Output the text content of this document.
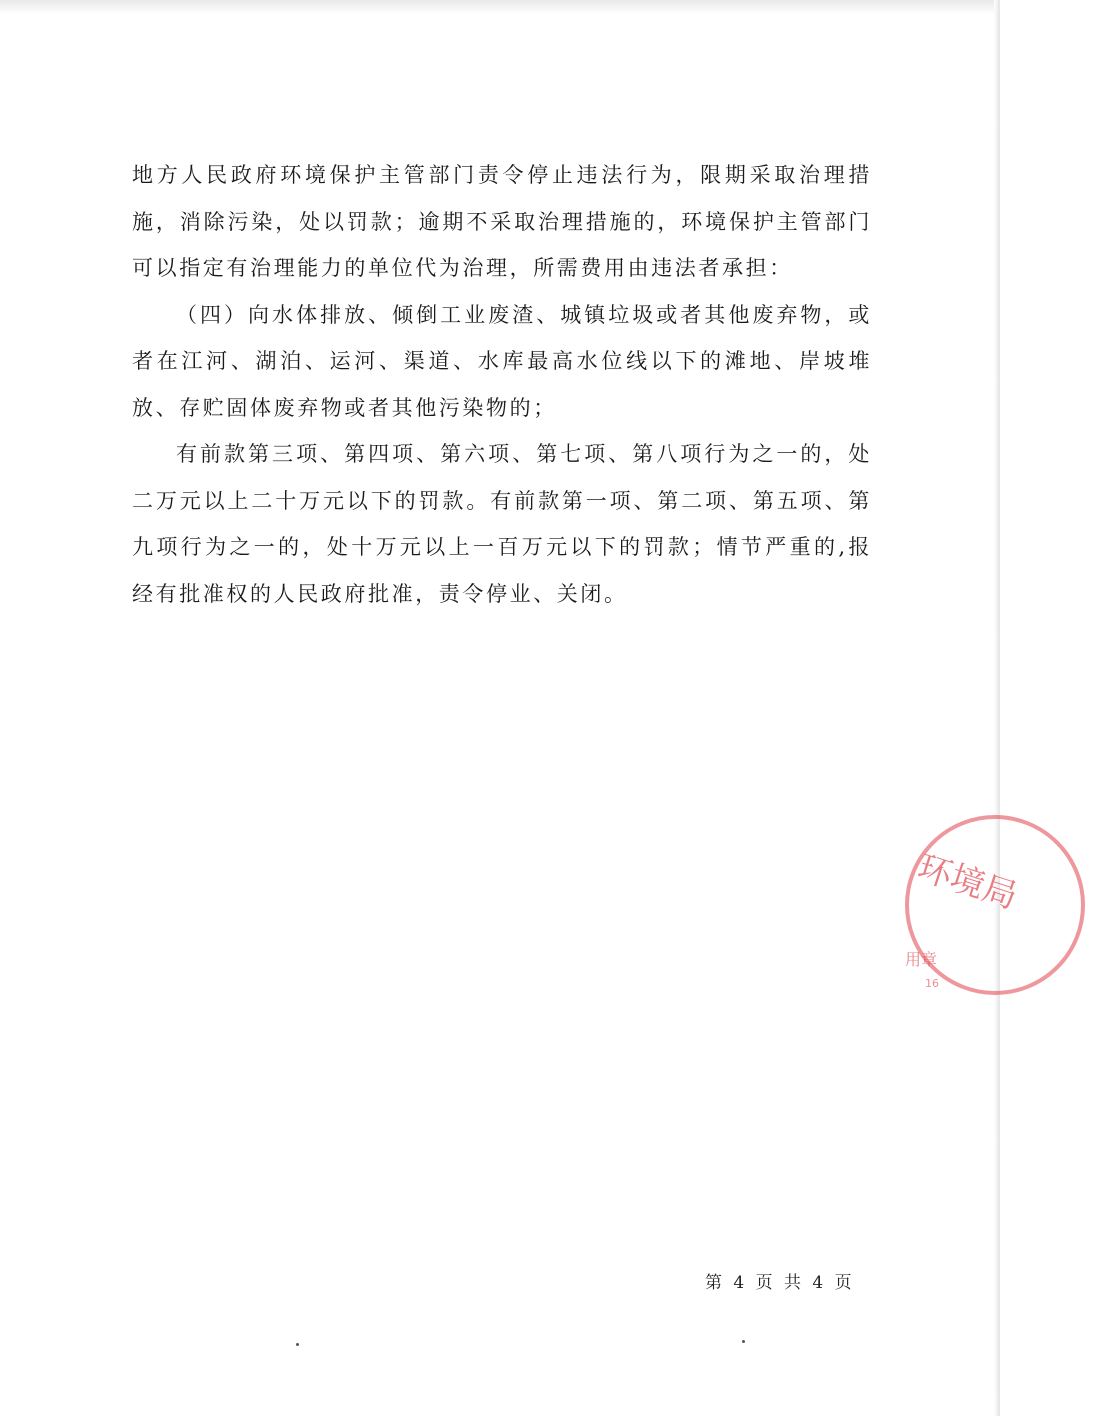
地方人民政府环境保护主管部门责令停止违法行为，限期采取治理措施，消除污染，处以罚款；逾期不采取治理措施的，环境保护主管部门可以指定有治理能力的单位代为治理，所需费用由违法者承担：

（四）向水体排放、倾倒工业废渣、城镇垃圾或者其他废弃物，或者在江河、湖泊、运河、渠道、水库最高水位线以下的滩地、岸坡堆放、存贮固体废弃物或者其他污染物的；

有前款第三项、第四项、第六项、第七项、第八项行为之一的，处二万元以上二十万元以下的罚款。有前款第一项、第二项、第五项、第九项行为之一的，处十万元以上一百万元以下的罚款；情节严重的,报经有批准权的人民政府批准，责令停业、关闭。

环境局
用章
16
第 4 页 共 4 页
